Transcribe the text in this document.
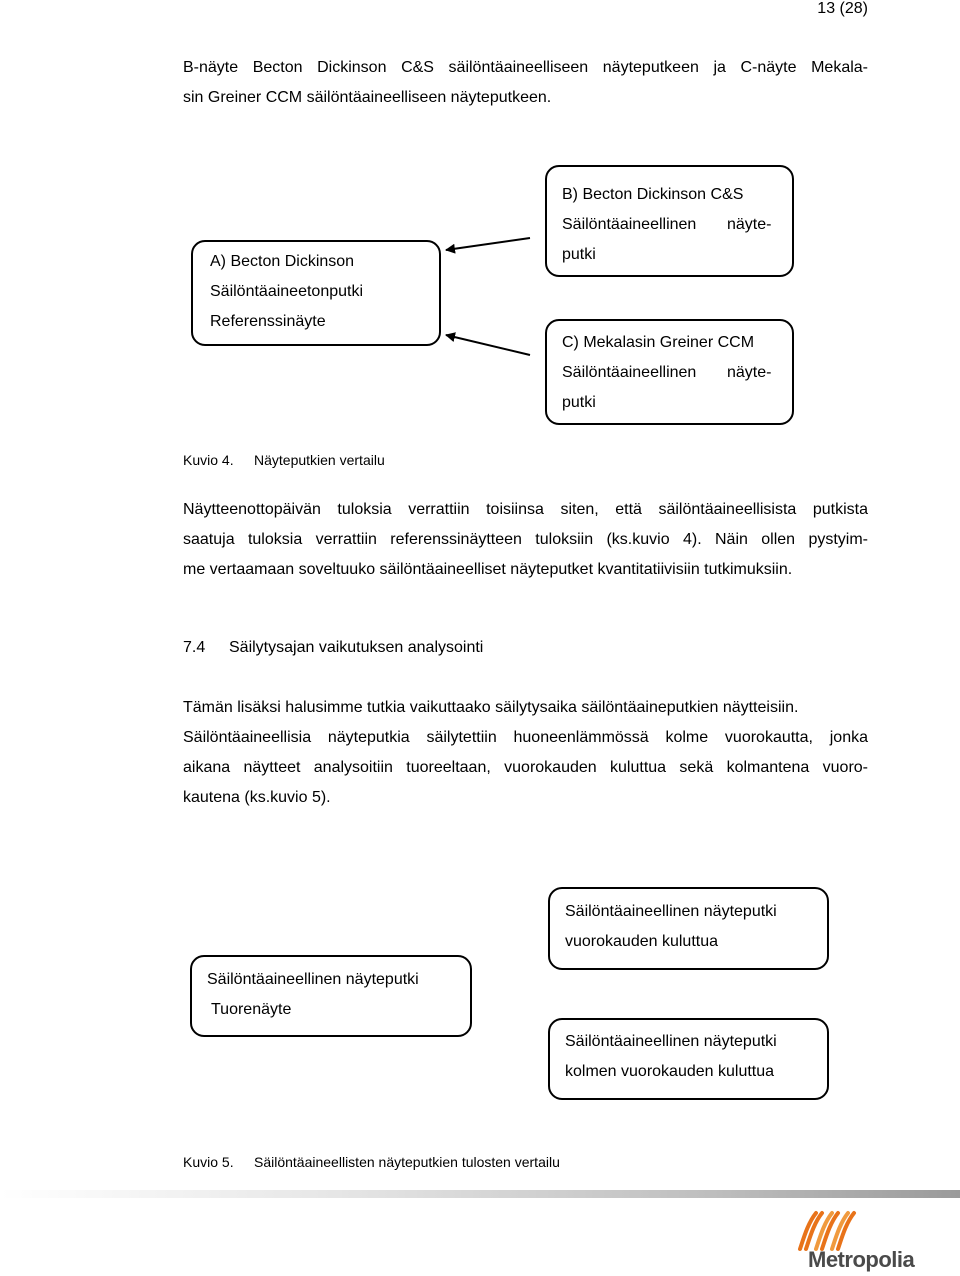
13 (28)
B-näyte Becton Dickinson C&S säilöntäaineelliseen näyteputkeen ja C-näyte Mekala-
sin Greiner CCM säilöntäaineelliseen näyteputkeen.
A) Becton Dickinson
Säilöntäaineetonputki
Referenssinäyte
B) Becton Dickinson C&S
Säilöntäaineellinen näyte-
putki
C) Mekalasin Greiner CCM
Säilöntäaineellinen näyte-
putki
Kuvio 4. Näyteputkien vertailu
Näytteenottopäivän tuloksia verrattiin toisiinsa siten, että säilöntäaineellisista putkista
saatuja tuloksia verrattiin referenssinäytteen tuloksiin (ks.kuvio 4). Näin ollen pystyim-
me vertaamaan soveltuuko säilöntäaineelliset näyteputket kvantitatiivisiin tutkimuksiin.
7.4 Säilytysajan vaikutuksen analysointi
Tämän lisäksi halusimme tutkia vaikuttaako säilytysaika säilöntäaineputkien näytteisiin.
Säilöntäaineellisia näyteputkia säilytettiin huoneenlämmössä kolme vuorokautta, jonka
aikana näytteet analysoitiin tuoreeltaan, vuorokauden kuluttua sekä kolmantena vuoro-
kautena (ks.kuvio 5).
Säilöntäaineellinen näyteputki
Tuorenäyte
Säilöntäaineellinen näyteputki
vuorokauden kuluttua
Säilöntäaineellinen näyteputki
kolmen vuorokauden kuluttua
Kuvio 5. Säilöntäaineellisten näyteputkien tulosten vertailu
Metropolia
